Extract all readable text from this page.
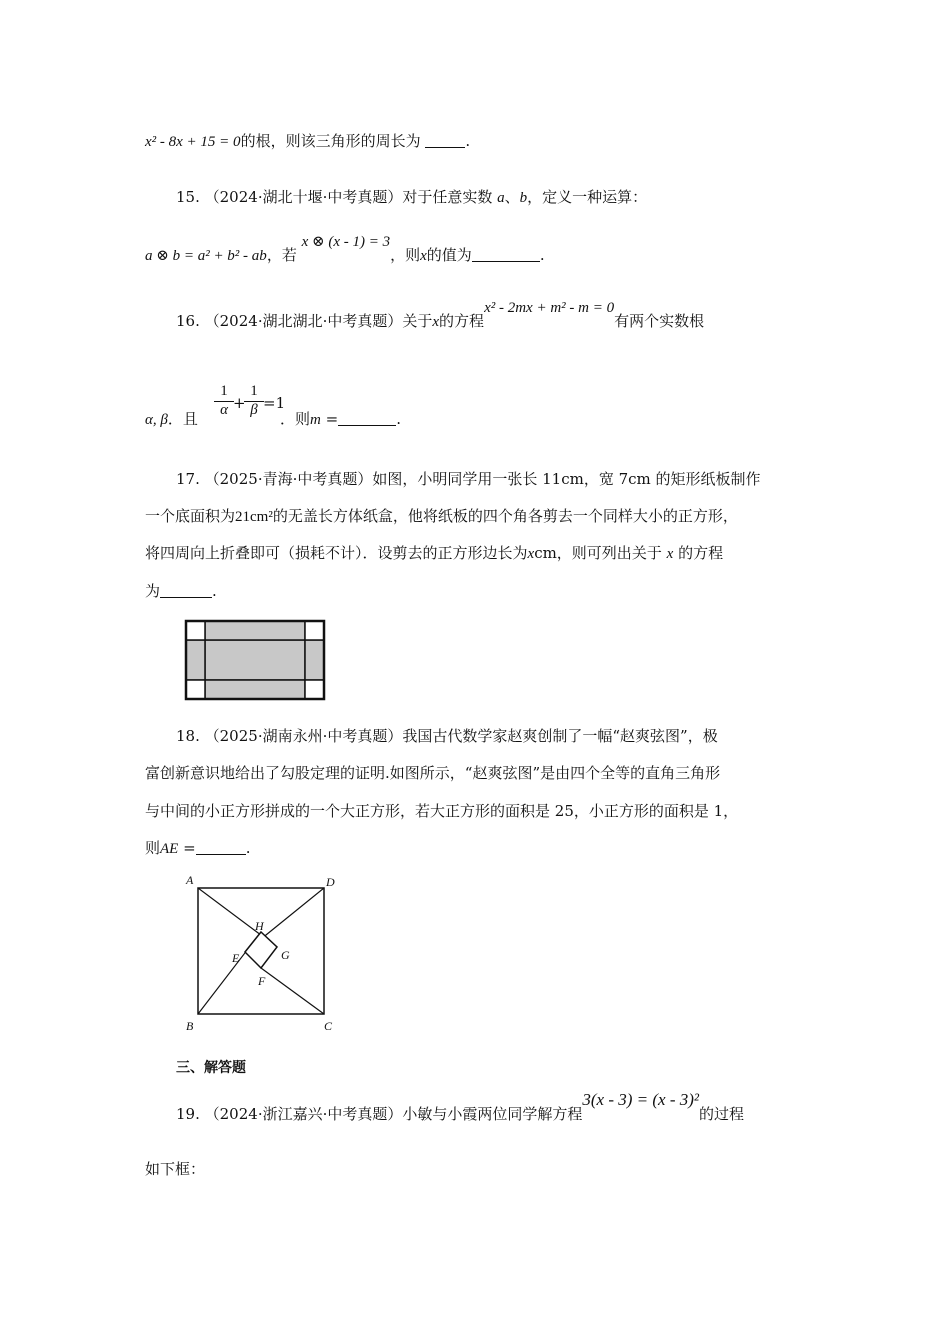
x² - 8x + 15 = 0的根，则该三角形的周长为	.
15. （2024·湖北十堰·中考真题）对于任意实数 a、b，定义一种运算：
a ⊗ b = a² + b² - ab，若 x ⊗ (x - 1) = 3，则x的值为	.
16. （2024·湖北湖北·中考真题）关于x的方程x² - 2mx + m² - m = 0有两个实数根
α, β．且
1
α +
1
β =1
．则m =	.
17. （2025·青海·中考真题）如图，小明同学用一张长 11cm，宽 7cm 的矩形纸板制作
一个底面积为21cm²的无盖长方体纸盒，他将纸板的四个角各剪去一个同样大小的正方形，
将四周向上折叠即可（损耗不计）．设剪去的正方形边长为xcm，则可列出关于 x 的方程
为	.
18. （2025·湖南永州·中考真题）我国古代数学家赵爽创制了一幅“赵爽弦图”，极
富创新意识地给出了勾股定理的证明.如图所示，“赵爽弦图”是由四个全等的直角三角形
与中间的小正方形拼成的一个大正方形，若大正方形的面积是 25，小正方形的面积是 1，
则AE =	.
A
B	C
D
E
F
G
H
三、解答题
19. （2024·浙江嘉兴·中考真题）小敏与小霞两位同学解方程3(x - 3) = (x - 3)²的过程
如下框：
